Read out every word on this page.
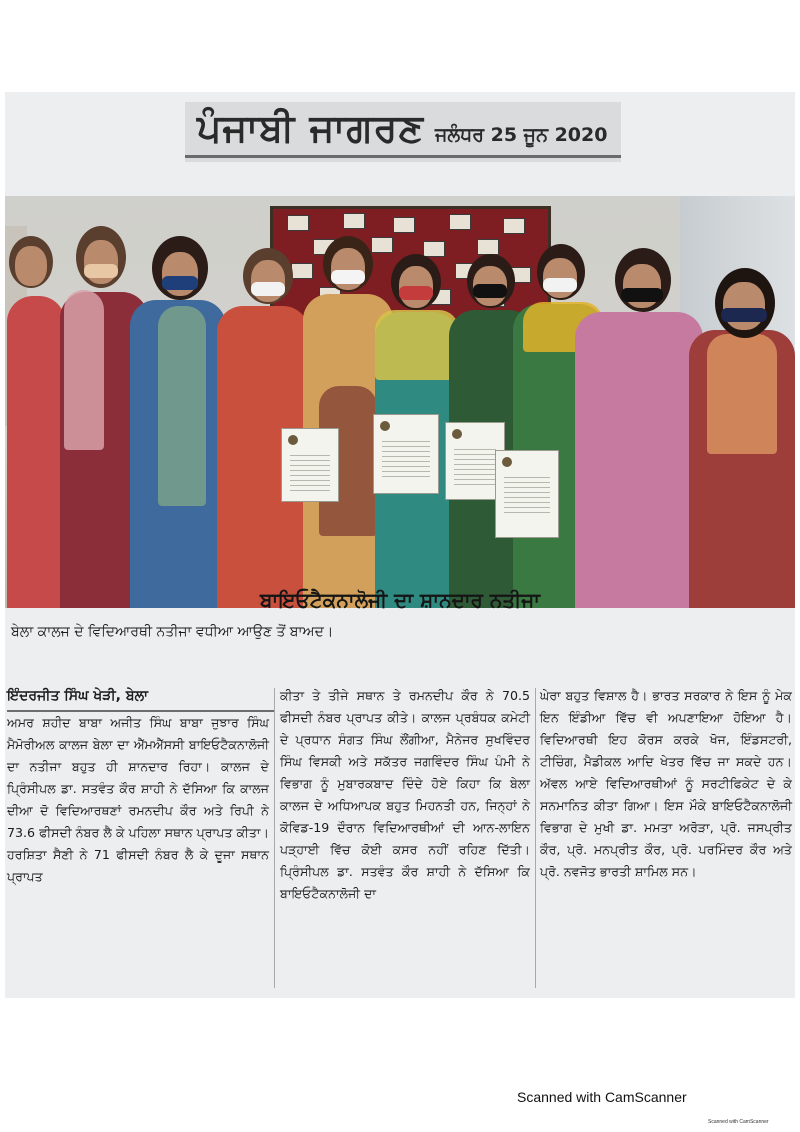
ਪੰਜਾਬੀ ਜਾਗਰਣ ਜਲੰਧਰ 25 ਜੂਨ 2020
ਬੇਲਾ ਕਾਲਜ ਦੇ ਵਿਦਿਆਰਥੀ ਨਤੀਜਾ ਵਧੀਆ ਆਉਣ ਤੋਂ ਬਾਅਦ।
ਬਾਇਓਟੈਕਨਾਲੋਜੀ ਦਾ ਸ਼ਾਨਦਾਰ ਨਤੀਜਾ
ਇੰਦਰਜੀਤ ਸਿੰਘ ਖੇੜੀ, ਬੇਲਾ

ਅਮਰ ਸ਼ਹੀਦ ਬਾਬਾ ਅਜੀਤ ਸਿੰਘ ਬਾਬਾ ਜੁਝਾਰ ਸਿੰਘ ਮੈਮੋਰੀਅਲ ਕਾਲਜ ਬੇਲਾ ਦਾ ਐੱਮਐੱਸਸੀ ਬਾਇਓਟੈਕਨਾਲੋਜੀ ਦਾ ਨਤੀਜਾ ਬਹੁਤ ਹੀ ਸ਼ਾਨਦਾਰ ਰਿਹਾ। ਕਾਲਜ ਦੇ ਪ੍ਰਿੰਸੀਪਲ ਡਾ. ਸਤਵੰਤ ਕੌਰ ਸ਼ਾਹੀ ਨੇ ਦੱਸਿਆ ਕਿ ਕਾਲਜ ਦੀਆ ਦੋ ਵਿਦਿਆਰਥਣਾਂ ਰਮਨਦੀਪ ਕੌਰ ਅਤੇ ਰਿਪੀ ਨੇ 73.6 ਫੀਸਦੀ ਨੰਬਰ ਲੈ ਕੇ ਪਹਿਲਾ ਸਥਾਨ ਪ੍ਰਾਪਤ ਕੀਤਾ। ਹਰਸ਼ਿਤਾ ਸੈਣੀ ਨੇ 71 ਫੀਸਦੀ ਨੰਬਰ ਲੈ ਕੇ ਦੂਜਾ ਸਥਾਨ ਪ੍ਰਾਪਤ

ਕੀਤਾ ਤੇ ਤੀਜੇ ਸਥਾਨ ਤੇ ਰਮਨਦੀਪ ਕੌਰ ਨੇ 70.5 ਫੀਸਦੀ ਨੰਬਰ ਪ੍ਰਾਪਤ ਕੀਤੇ। ਕਾਲਜ ਪ੍ਰਬੰਧਕ ਕਮੇਟੀ ਦੇ ਪ੍ਰਧਾਨ ਸੰਗਤ ਸਿੰਘ ਲੌਂਗੀਆ, ਮੈਨੇਜਰ ਸੁਖਵਿੰਦਰ ਸਿੰਘ ਵਿਸਕੀ ਅਤੇ ਸਕੱਤਰ ਜਗਵਿੰਦਰ ਸਿੰਘ ਪੰਮੀ ਨੇ ਵਿਭਾਗ ਨੂੰ ਮੁਬਾਰਕਬਾਦ ਦਿੰਦੇ ਹੋਏ ਕਿਹਾ ਕਿ ਬੇਲਾ ਕਾਲਜ ਦੇ ਅਧਿਆਪਕ ਬਹੁਤ ਮਿਹਨਤੀ ਹਨ, ਜਿਨ੍ਹਾਂ ਨੇ ਕੋਵਿਡ-19 ਦੌਰਾਨ ਵਿਦਿਆਰਥੀਆਂ ਦੀ ਆਨ-ਲਾਇਨ ਪੜ੍ਹਾਈ ਵਿੱਚ ਕੋਈ ਕਸਰ ਨਹੀਂ ਰਹਿਣ ਦਿੱਤੀ। ਪ੍ਰਿੰਸੀਪਲ ਡਾ. ਸਤਵੰਤ ਕੌਰ ਸ਼ਾਹੀ ਨੇ ਦੱਸਿਆ ਕਿ ਬਾਇਓਟੈਕਨਾਲੋਜੀ ਦਾ

ਘੇਰਾ ਬਹੁਤ ਵਿਸ਼ਾਲ ਹੈ। ਭਾਰਤ ਸਰਕਾਰ ਨੇ ਇਸ ਨੂੰ ਮੇਕ ਇਨ ਇੰਡੀਆ ਵਿੱਚ ਵੀ ਅਪਣਾਇਆ ਹੋਇਆ ਹੈ। ਵਿਦਿਆਰਥੀ ਇਹ ਕੋਰਸ ਕਰਕੇ ਖੋਜ, ਇੰਡਸਟਰੀ, ਟੀਚਿੰਗ, ਮੈਡੀਕਲ ਆਦਿ ਖੇਤਰ ਵਿੱਚ ਜਾ ਸਕਦੇ ਹਨ। ਅੱਵਲ ਆਏ ਵਿਦਿਆਰਥੀਆਂ ਨੂੰ ਸਰਟੀਫਿਕੇਟ ਦੇ ਕੇ ਸਨਮਾਨਿਤ ਕੀਤਾ ਗਿਆ। ਇਸ ਮੌਕੇ ਬਾਇਓਟੈਕਨਾਲੋਜੀ ਵਿਭਾਗ ਦੇ ਮੁਖੀ ਡਾ. ਮਮਤਾ ਅਰੋੜਾ, ਪ੍ਰੋ. ਜਸਪ੍ਰੀਤ ਕੌਰ, ਪ੍ਰੋ. ਮਨਪ੍ਰੀਤ ਕੌਰ, ਪ੍ਰੋ. ਪਰਮਿੰਦਰ ਕੌਰ ਅਤੇ ਪ੍ਰੋ. ਨਵਜੋਤ ਭਾਰਤੀ ਸ਼ਾਮਿਲ ਸਨ।

Scanned with CamScanner
Scanned with CamScanner
